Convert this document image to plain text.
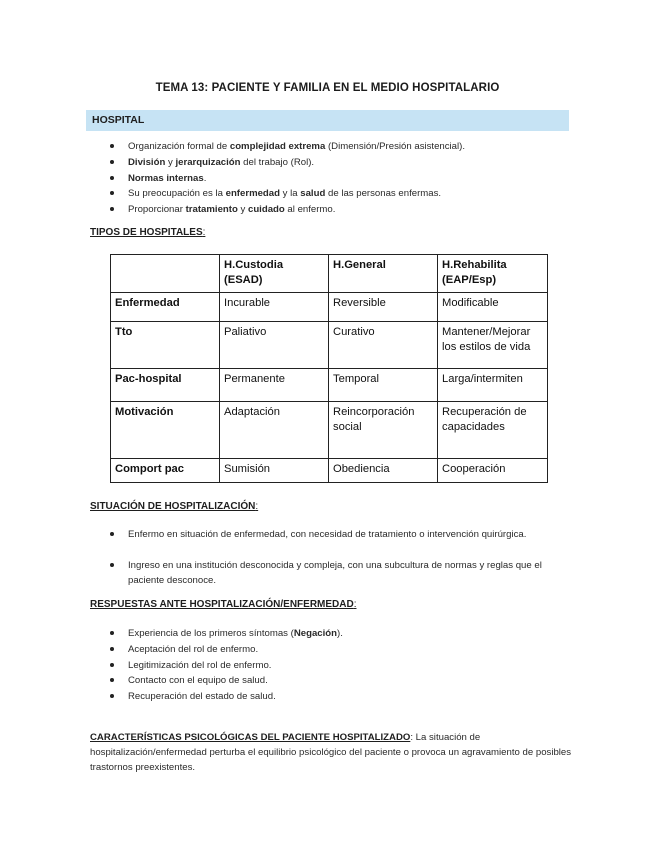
TEMA 13: PACIENTE Y FAMILIA EN EL MEDIO HOSPITALARIO
HOSPITAL
Organización formal de complejidad extrema (Dimensión/Presión asistencial).
División y jerarquización del trabajo (Rol).
Normas internas.
Su preocupación es la enfermedad y la salud de las personas enfermas.
Proporcionar tratamiento y cuidado al enfermo.
TIPOS DE HOSPITALES:
	H.Custodia (ESAD)	H.General	H.Rehabilita (EAP/Esp)
Enfermedad	Incurable	Reversible	Modificable
Tto	Paliativo	Curativo	Mantener/Mejorar los estilos de vida
Pac-hospital	Permanente	Temporal	Larga/intermiten
Motivación	Adaptación	Reincorporación social	Recuperación de capacidades
Comport pac	Sumisión	Obediencia	Cooperación
SITUACIÓN DE HOSPITALIZACIÓN:
Enfermo en situación de enfermedad, con necesidad de tratamiento o intervención quirúrgica.
Ingreso en una institución desconocida y compleja, con una subcultura de normas y reglas que el paciente desconoce.
RESPUESTAS ANTE HOSPITALIZACIÓN/ENFERMEDAD:
Experiencia de los primeros síntomas (Negación).
Aceptación del rol de enfermo.
Legitimización del rol de enfermo.
Contacto con el equipo de salud.
Recuperación del estado de salud.
CARACTERÍSTICAS PSICOLÓGICAS DEL PACIENTE HOSPITALIZADO: La situación de hospitalización/enfermedad perturba el equilibrio psicológico del paciente o provoca un agravamiento de posibles trastornos preexistentes.
